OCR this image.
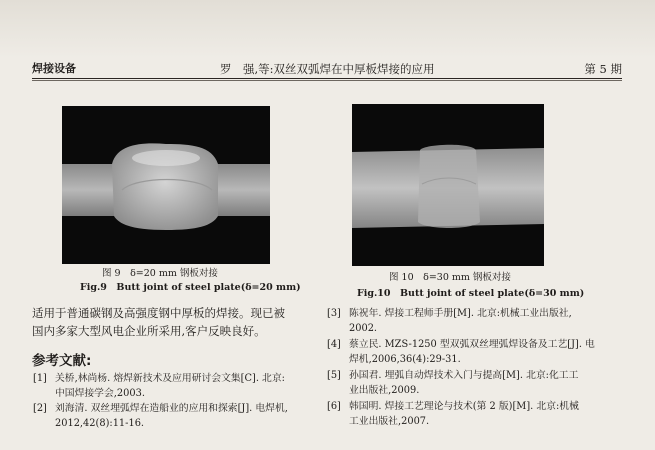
焊接设备	罗　强,等:双丝双弧焊在中厚板焊接的应用	第 5 期
图 9　δ=20 mm 钢板对接
Fig.9　Butt joint of steel plate(δ=20 mm)
图 10　δ=30 mm 钢板对接
Fig.10　Butt joint of steel plate(δ=30 mm)
适用于普通碳钢及高强度钢中厚板的焊接。现已被
国内多家大型风电企业所采用,客户反映良好。
参考文献:
[1] 关桥,林尚杨. 熔焊新技术及应用研讨会文集[C]. 北京:
中国焊接学会,2003.
[2] 刘海清. 双丝埋弧焊在造船业的应用和探索[J]. 电焊机,
2012,42(8):11-16.
[3] 陈祝年. 焊接工程师手册[M]. 北京:机械工业出版社,
2002.
[4] 蔡立民. MZS-1250 型双弧双丝埋弧焊设备及工艺[J]. 电
焊机,2006,36(4):29-31.
[5] 孙国君. 埋弧自动焊技术入门与提高[M]. 北京:化工工
业出版社,2009.
[6] 韩国明. 焊接工艺理论与技术(第 2 版)[M]. 北京:机械
工业出版社,2007.
